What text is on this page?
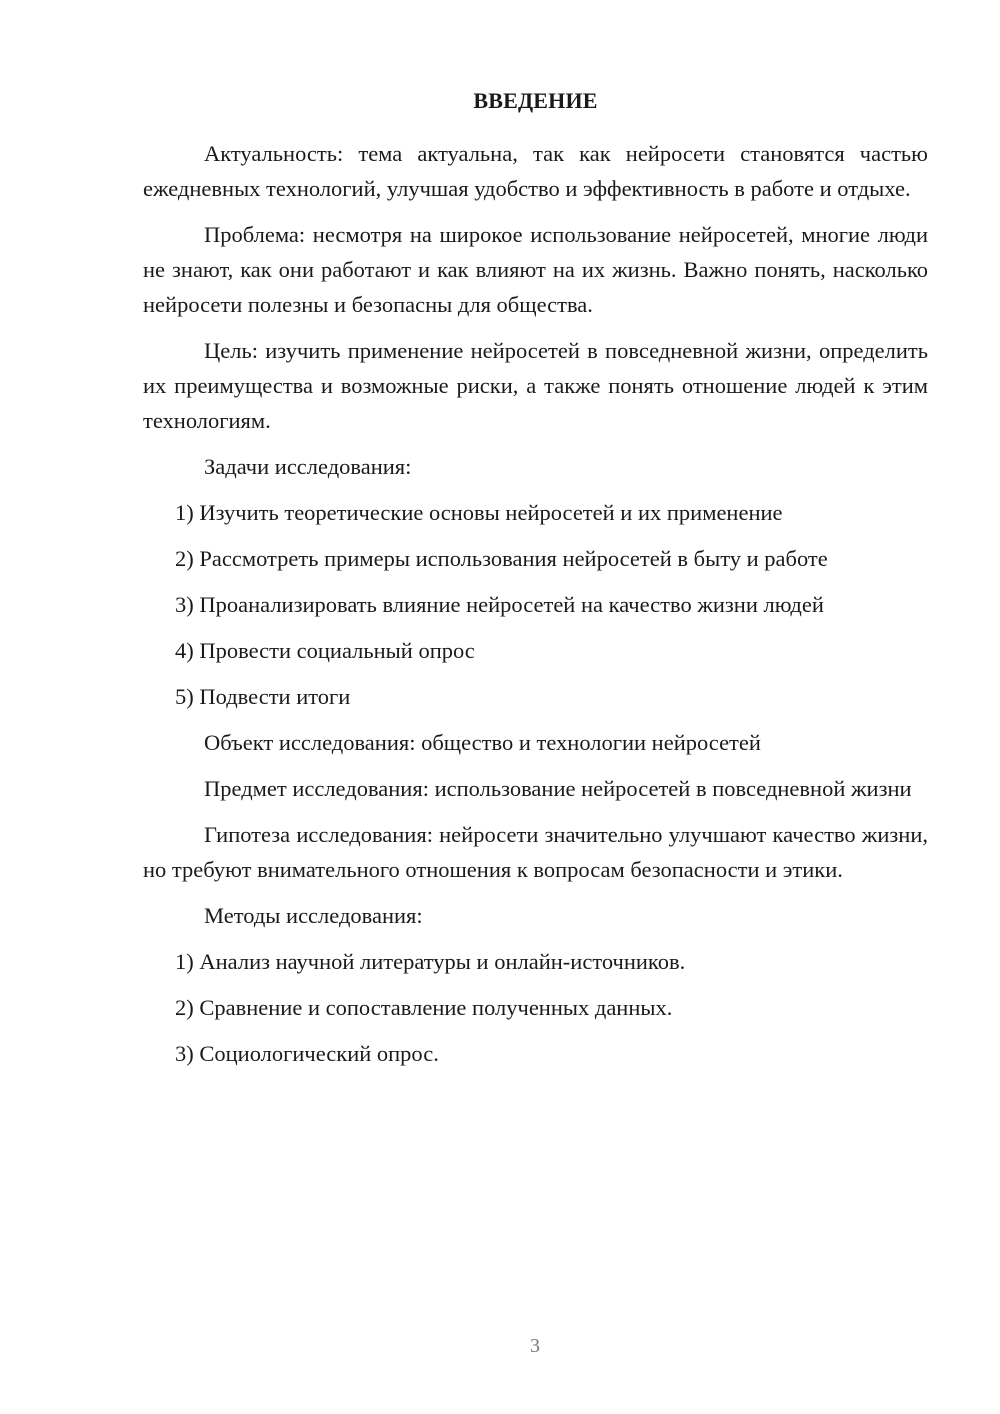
ВВЕДЕНИЕ

Актуальность: тема актуальна, так как нейросети становятся частью ежедневных технологий, улучшая удобство и эффективность в работе и отдыхе.

Проблема: несмотря на широкое использование нейросетей, многие люди не знают, как они работают и как влияют на их жизнь. Важно понять, насколько нейросети полезны и безопасны для общества.

Цель: изучить применение нейросетей в повседневной жизни, определить их преимущества и возможные риски, а также понять отношение людей к этим технологиям.

Задачи исследования:

1) Изучить теоретические основы нейросетей и их применение
2) Рассмотреть примеры использования нейросетей в быту и работе
3) Проанализировать влияние нейросетей на качество жизни людей
4) Провести социальный опрос
5) Подвести итоги

Объект исследования: общество и технологии нейросетей

Предмет исследования: использование нейросетей в повседневной жизни

Гипотеза исследования: нейросети значительно улучшают качество жизни, но требуют внимательного отношения к вопросам безопасности и этики.

Методы исследования:

1) Анализ научной литературы и онлайн-источников.
2) Сравнение и сопоставление полученных данных.
3) Социологический опрос.
3
